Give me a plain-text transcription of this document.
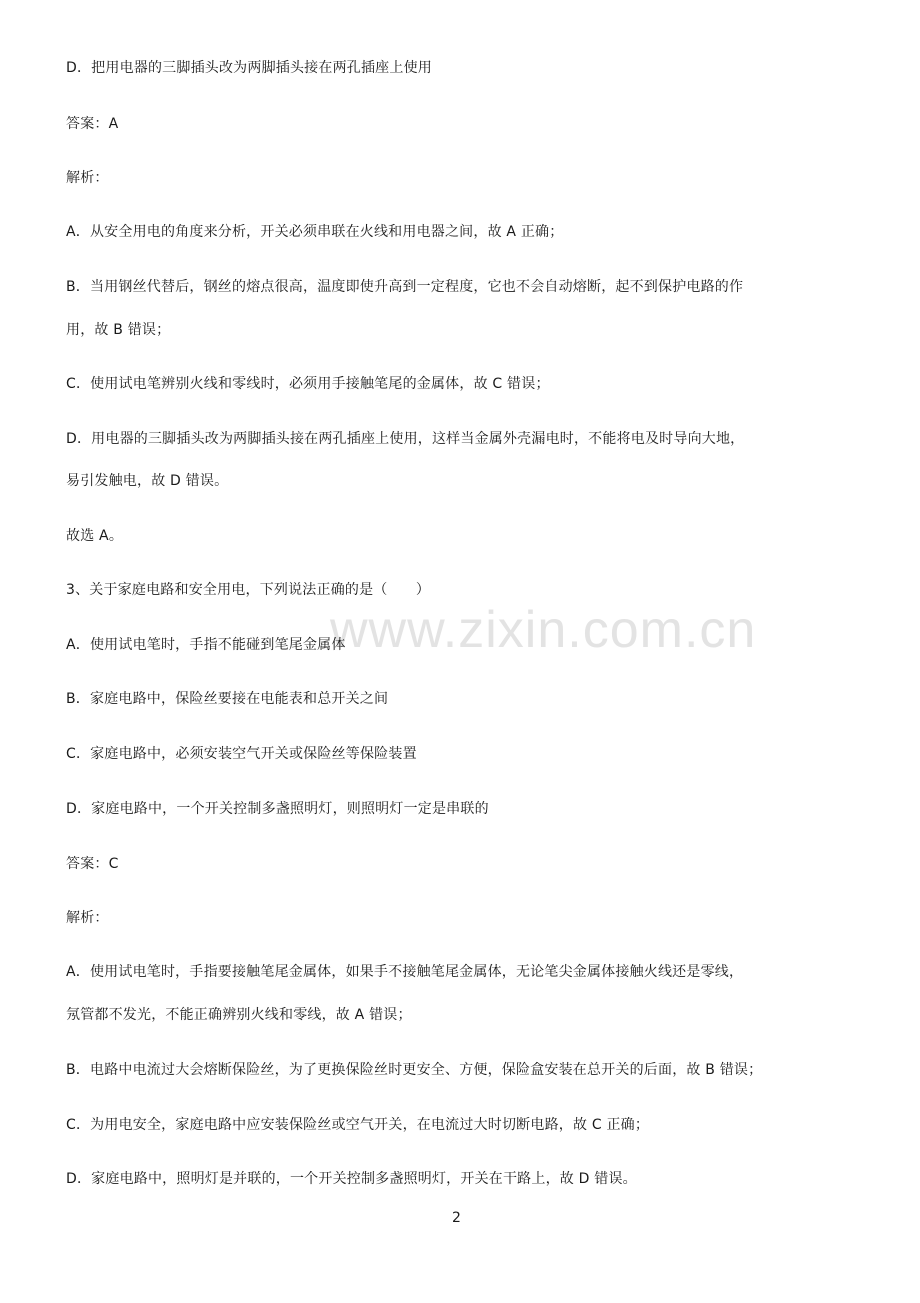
www.zixin.com.cn
D．把用电器的三脚插头改为两脚插头接在两孔插座上使用
答案：A
解析：
A．从安全用电的角度来分析，开关必须串联在火线和用电器之间，故 A 正确；
B．当用钢丝代替后，钢丝的熔点很高，温度即使升高到一定程度，它也不会自动熔断，起不到保护电路的作
用，故 B 错误；
C．使用试电笔辨别火线和零线时，必须用手接触笔尾的金属体，故 C 错误；
D．用电器的三脚插头改为两脚插头接在两孔插座上使用，这样当金属外壳漏电时，不能将电及时导向大地，
易引发触电，故 D 错误。
故选 A。
3、关于家庭电路和安全用电，下列说法正确的是（　　）
A．使用试电笔时，手指不能碰到笔尾金属体
B．家庭电路中，保险丝要接在电能表和总开关之间
C．家庭电路中，必须安装空气开关或保险丝等保险装置
D．家庭电路中，一个开关控制多盏照明灯，则照明灯一定是串联的
答案：C
解析：
A．使用试电笔时，手指要接触笔尾金属体，如果手不接触笔尾金属体，无论笔尖金属体接触火线还是零线，
氖管都不发光，不能正确辨别火线和零线，故 A 错误；
B．电路中电流过大会熔断保险丝，为了更换保险丝时更安全、方便，保险盒安装在总开关的后面，故 B 错误；
C．为用电安全，家庭电路中应安装保险丝或空气开关，在电流过大时切断电路，故 C 正确；
D．家庭电路中，照明灯是并联的，一个开关控制多盏照明灯，开关在干路上，故 D 错误。
2
